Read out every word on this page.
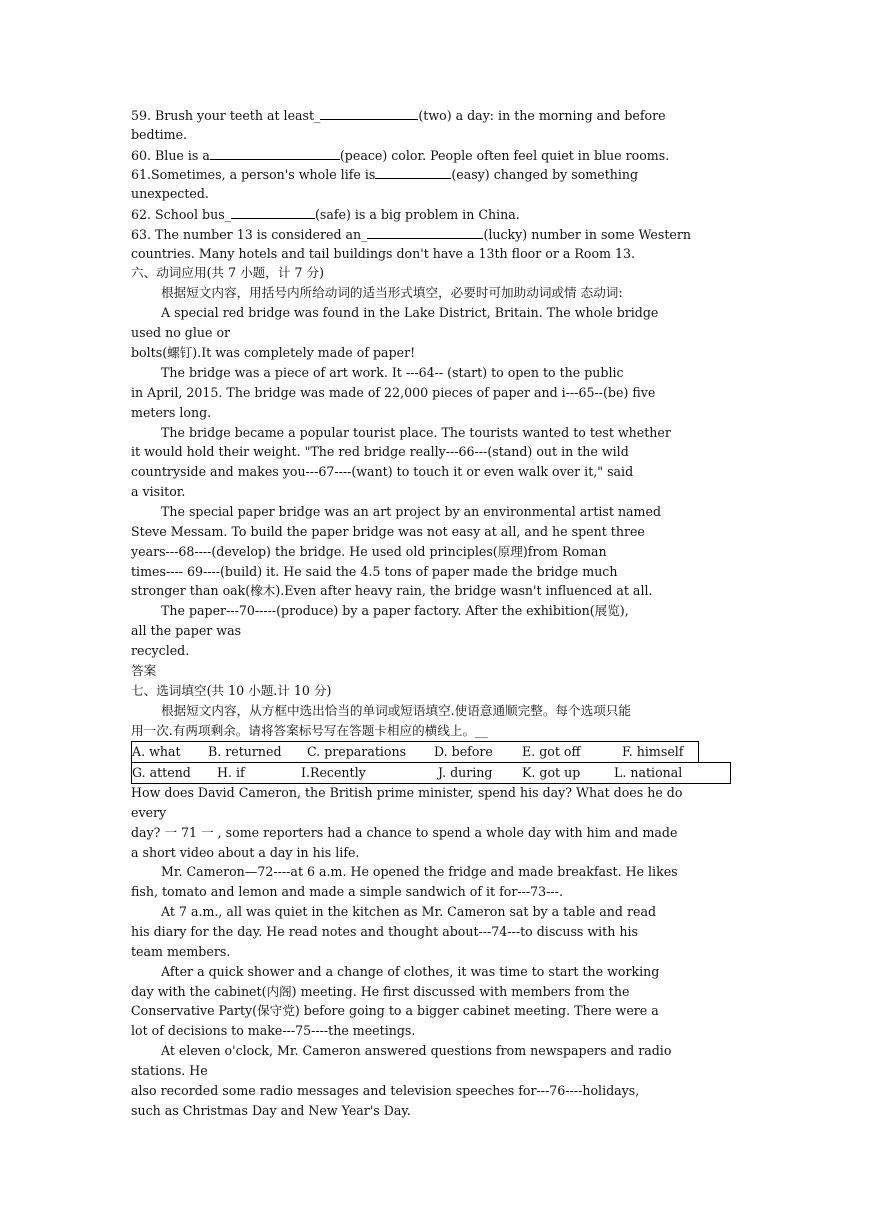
59. Brush your teeth at least_	(two) a day: in the morning and before
bedtime.
60. Blue is a	(peace) color. People often feel quiet in blue rooms.
61.Sometimes, a person's whole life is	(easy) changed by something
unexpected.
62. School bus_	(safe) is a big problem in China.
63. The number 13 is considered an_	(lucky) number in some Western
countries. Many hotels and tail buildings don't have a 13th floor or a Room 13.
六、动词应用(共 7 小题，计 7 分)
根据短文内容，用括号内所给动词的适当形式填空，必要时可加助动词或情 态动词:
A special red bridge was found in the Lake District, Britain. The whole bridge
used no glue or
bolts(螺钉).It was completely made of paper!
The bridge was a piece of art work. It ---64-- (start) to open to the public
in April, 2015. The bridge was made of 22,000 pieces of paper and i---65--(be) five
meters long.
The bridge became a popular tourist place. The tourists wanted to test whether
it would hold their weight. "The red bridge really---66---(stand) out in the wild
countryside and makes you---67----(want) to touch it or even walk over it," said
a visitor.
The special paper bridge was an art project by an environmental artist named
Steve Messam. To build the paper bridge was not easy at all, and he spent three
years---68----(develop) the bridge. He used old principles(原理)from Roman
times---- 69----(build) it. He said the 4.5 tons of paper made the bridge much
stronger than oak(橡木).Even after heavy rain, the bridge wasn't influenced at all.
The paper---70-----(produce) by a paper factory. After the exhibition(展览),
all the paper was
recycled.
答案
七、选词填空(共 10 小题.计 10 分)
根据短文内容，从方框中选出恰当的单词或短语填空.使语意通顺完整。每个选项只能
用一次.有两项剩余。请将答案标号写在答题卡相应的横线上。__
A. what B. returned C. preparations D. before E. got off	F. himself
G. attend H. if	I.Recently	J. during K. got up	L. national
How does David Cameron, the British prime minister, spend his day? What does he do
every
day? 一 71 一 , some reporters had a chance to spend a whole day with him and made
a short video about a day in his life.
Mr. Cameron—72----at 6 a.m. He opened the fridge and made breakfast. He likes
fish, tomato and lemon and made a simple sandwich of it for---73---.
At 7 a.m., all was quiet in the kitchen as Mr. Cameron sat by a table and read
his diary for the day. He read notes and thought about---74---to discuss with his
team members.
After a quick shower and a change of clothes, it was time to start the working
day with the cabinet(内阁) meeting. He first discussed with members from the
Conservative Party(保守党) before going to a bigger cabinet meeting. There were a
lot of decisions to make---75----the meetings.
At eleven o'clock, Mr. Cameron answered questions from newspapers and radio
stations. He
also recorded some radio messages and television speeches for---76----holidays,
such as Christmas Day and New Year's Day.
